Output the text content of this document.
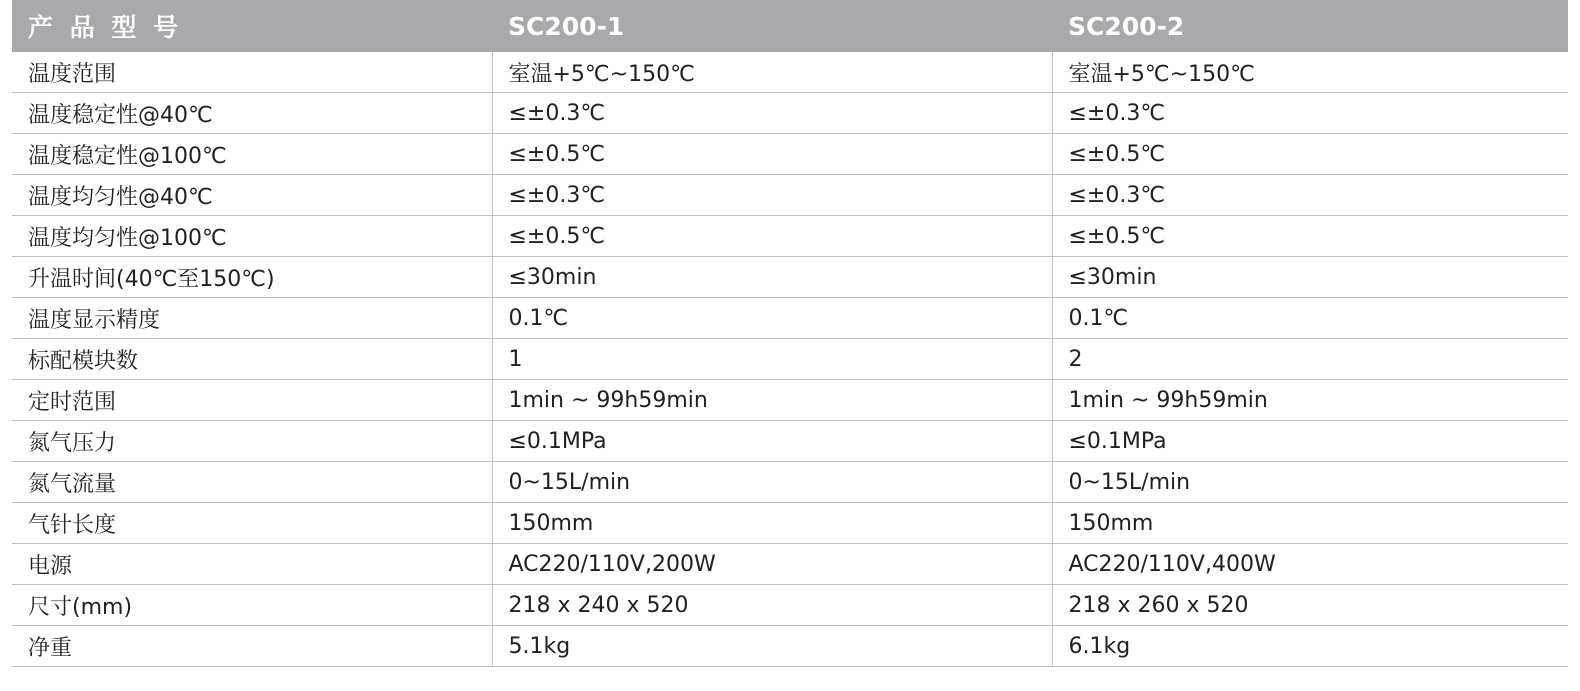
产 品 型 号	SC200-1	SC200-2
温度范围	室温+5℃~150℃	室温+5℃~150℃
温度稳定性@40℃	≤±0.3℃	≤±0.3℃
温度稳定性@100℃	≤±0.5℃	≤±0.5℃
温度均匀性@40℃	≤±0.3℃	≤±0.3℃
温度均匀性@100℃	≤±0.5℃	≤±0.5℃
升温时间(40℃至150℃)	≤30min	≤30min
温度显示精度	0.1℃	0.1℃
标配模块数	1	2
定时范围	1min ~ 99h59min	1min ~ 99h59min
氮气压力	≤0.1MPa	≤0.1MPa
氮气流量	0~15L/min	0~15L/min
气针长度	150mm	150mm
电源	AC220/110V,200W	AC220/110V,400W
尺寸(mm)	218 x 240 x 520	218 x 260 x 520
净重	5.1kg	6.1kg
